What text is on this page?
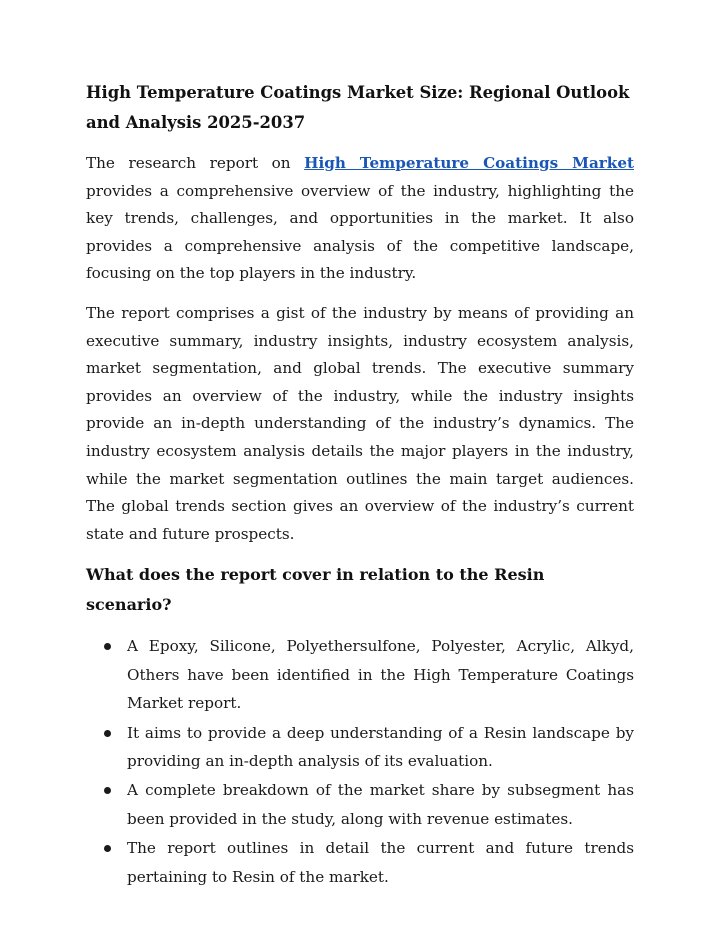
High Temperature Coatings Market Size: Regional Outlook and Analysis 2025-2037

The research report on High Temperature Coatings Market provides a comprehensive overview of the industry, highlighting the key trends, challenges, and opportunities in the market. It also provides a comprehensive analysis of the competitive landscape, focusing on the top players in the industry.

The report comprises a gist of the industry by means of providing an executive summary, industry insights, industry ecosystem analysis, market segmentation, and global trends. The executive summary provides an overview of the industry, while the industry insights provide an in-depth understanding of the industry’s dynamics. The industry ecosystem analysis details the major players in the industry, while the market segmentation outlines the main target audiences. The global trends section gives an overview of the industry’s current state and future prospects.

What does the report cover in relation to the Resin scenario?
A Epoxy, Silicone, Polyethersulfone, Polyester, Acrylic, Alkyd, Others have been identified in the High Temperature Coatings Market report.
It aims to provide a deep understanding of a Resin landscape by providing an in-depth analysis of its evaluation.
A complete breakdown of the market share by subsegment has been provided in the study, along with revenue estimates.
The report outlines in detail the current and future trends pertaining to Resin of the market.
